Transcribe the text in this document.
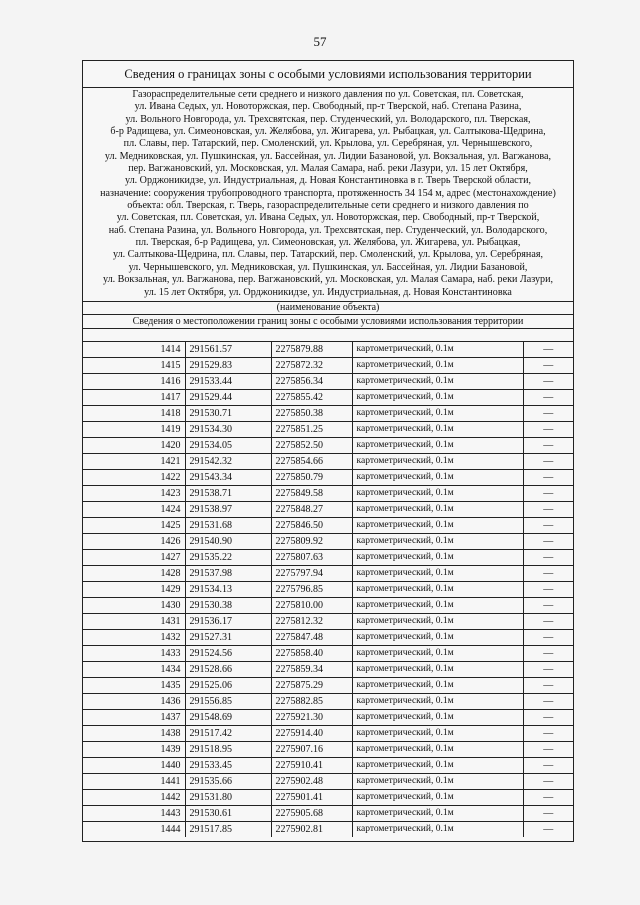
57
Сведения о границах зоны с особыми условиями использования территории
Газораспределительные сети среднего и низкого давления по ул. Советская, пл. Советская,
ул. Ивана Седых, ул. Новоторжская, пер. Свободный, пр-т Тверской, наб. Степана Разина,
ул. Вольного Новгорода, ул. Трехсвятская, пер. Студенческий, ул. Володарского, пл. Тверская,
б-р Радищева, ул. Симеоновская, ул. Желябова, ул. Жигарева, ул. Рыбацкая, ул. Салтыкова-Щедрина,
пл. Славы, пер. Татарский, пер. Смоленский, ул. Крылова, ул. Серебряная, ул. Чернышевского,
ул. Медниковская, ул. Пушкинская, ул. Бассейная, ул. Лидии Базановой, ул. Вокзальная, ул. Вагжанова,
пер. Вагжановский, ул. Московская, ул. Малая Самара, наб. реки Лазури, ул. 15 лет Октября,
ул. Орджоникидзе, ул. Индустриальная, д. Новая Константиновка в г. Тверь Тверской области,
назначение: сооружения трубопроводного транспорта, протяженность 34 154 м, адрес (местонахождение)
объекта: обл. Тверская, г. Тверь, газораспределительные сети среднего и низкого давления по
ул. Советская, пл. Советская, ул. Ивана Седых, ул. Новоторжская, пер. Свободный, пр-т Тверской,
наб. Степана Разина, ул. Вольного Новгорода, ул. Трехсвятская, пер. Студенческий, ул. Володарского,
пл. Тверская, б-р Радищева, ул. Симеоновская, ул. Желябова, ул. Жигарева, ул. Рыбацкая,
ул. Салтыкова-Щедрина, пл. Славы, пер. Татарский, пер. Смоленский, ул. Крылова, ул. Серебряная,
ул. Чернышевского, ул. Медниковская, ул. Пушкинская, ул. Бассейная, ул. Лидии Базановой,
ул. Вокзальная, ул. Вагжанова, пер. Вагжановский, ул. Московская, ул. Малая Самара, наб. реки Лазури,
ул. 15 лет Октября, ул. Орджоникидзе, ул. Индустриальная, д. Новая Константиновка
(наименование объекта)
Сведения о местоположении границ зоны с особыми условиями использования территории
1414	291561.57	2275879.88	картометрический, 0.1м	—
1415	291529.83	2275872.32	картометрический, 0.1м	—
1416	291533.44	2275856.34	картометрический, 0.1м	—
1417	291529.44	2275855.42	картометрический, 0.1м	—
1418	291530.71	2275850.38	картометрический, 0.1м	—
1419	291534.30	2275851.25	картометрический, 0.1м	—
1420	291534.05	2275852.50	картометрический, 0.1м	—
1421	291542.32	2275854.66	картометрический, 0.1м	—
1422	291543.34	2275850.79	картометрический, 0.1м	—
1423	291538.71	2275849.58	картометрический, 0.1м	—
1424	291538.97	2275848.27	картометрический, 0.1м	—
1425	291531.68	2275846.50	картометрический, 0.1м	—
1426	291540.90	2275809.92	картометрический, 0.1м	—
1427	291535.22	2275807.63	картометрический, 0.1м	—
1428	291537.98	2275797.94	картометрический, 0.1м	—
1429	291534.13	2275796.85	картометрический, 0.1м	—
1430	291530.38	2275810.00	картометрический, 0.1м	—
1431	291536.17	2275812.32	картометрический, 0.1м	—
1432	291527.31	2275847.48	картометрический, 0.1м	—
1433	291524.56	2275858.40	картометрический, 0.1м	—
1434	291528.66	2275859.34	картометрический, 0.1м	—
1435	291525.06	2275875.29	картометрический, 0.1м	—
1436	291556.85	2275882.85	картометрический, 0.1м	—
1437	291548.69	2275921.30	картометрический, 0.1м	—
1438	291517.42	2275914.40	картометрический, 0.1м	—
1439	291518.95	2275907.16	картометрический, 0.1м	—
1440	291533.45	2275910.41	картометрический, 0.1м	—
1441	291535.66	2275902.48	картометрический, 0.1м	—
1442	291531.80	2275901.41	картометрический, 0.1м	—
1443	291530.61	2275905.68	картометрический, 0.1м	—
1444	291517.85	2275902.81	картометрический, 0.1м	—
